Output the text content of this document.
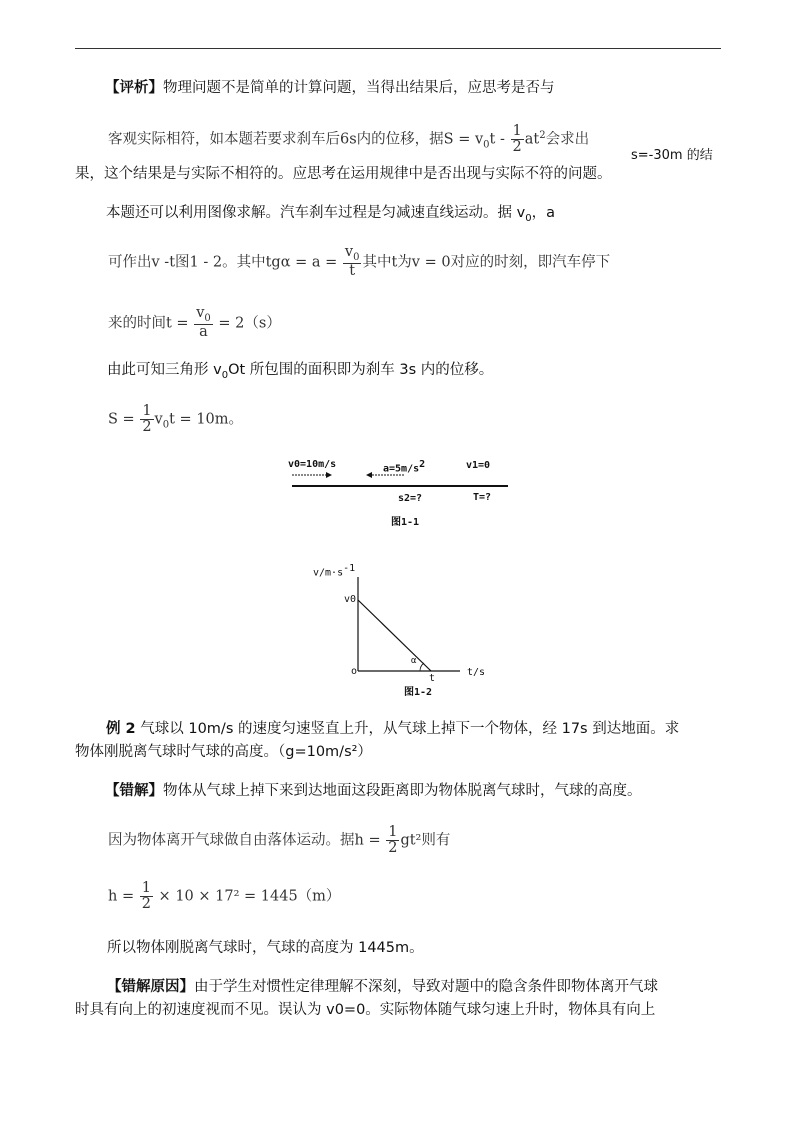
【评析】物理问题不是简单的计算问题，当得出结果后，应思考是否与
客观实际相符，如本题若要求刹车后6s内的位移，据$S = v_0t - \frac{1}{2} at^2$会求出
s=-30m 的结
果，这个结果是与实际不相符的。应思考在运用规律中是否出现与实际不符的问题。
本题还可以利用图像求解。汽车刹车过程是匀减速直线运动。据 $v_0$，a
可作出v -t图1 - 2。其中$tg\alpha = a = \frac{v_0}{t}$ 其中t为v = 0对应的时刻，即汽车停下
来的时间$t = \frac{v_0}{a} = 2(s)$
由此可知三角形 $v_0Ot$ 所包围的面积即为刹车 3s 内的位移。
$S = \frac{1}{2} v_0t = 10m$。
v0=10m/s	$a=5m/s^2$	v1=0
s2=?	T=?
图1-1
$v/m\cdot s^{-1}$
v0
o
α
t
t/s
图1-2
例 2 气球以 10m/s 的速度匀速竖直上升，从气球上掉下一个物体，经 17s 到达地面。求
物体刚脱离气球时气球的高度。（g=10m/s²）
【错解】物体从气球上掉下来到达地面这段距离即为物体脱离气球时，气球的高度。
因为物体离开气球做自由落体运动。据$h = \frac{1}{2} gt^2$则有
$h = \frac{1}{2} \times 10 \times 17^2 = 1445(m)$
所以物体刚脱离气球时，气球的高度为 1445m。
【错解原因】由于学生对惯性定律理解不深刻，导致对题中的隐含条件即物体离开气球
时具有向上的初速度视而不见。误认为 v0=0。实际物体随气球匀速上升时，物体具有向上
